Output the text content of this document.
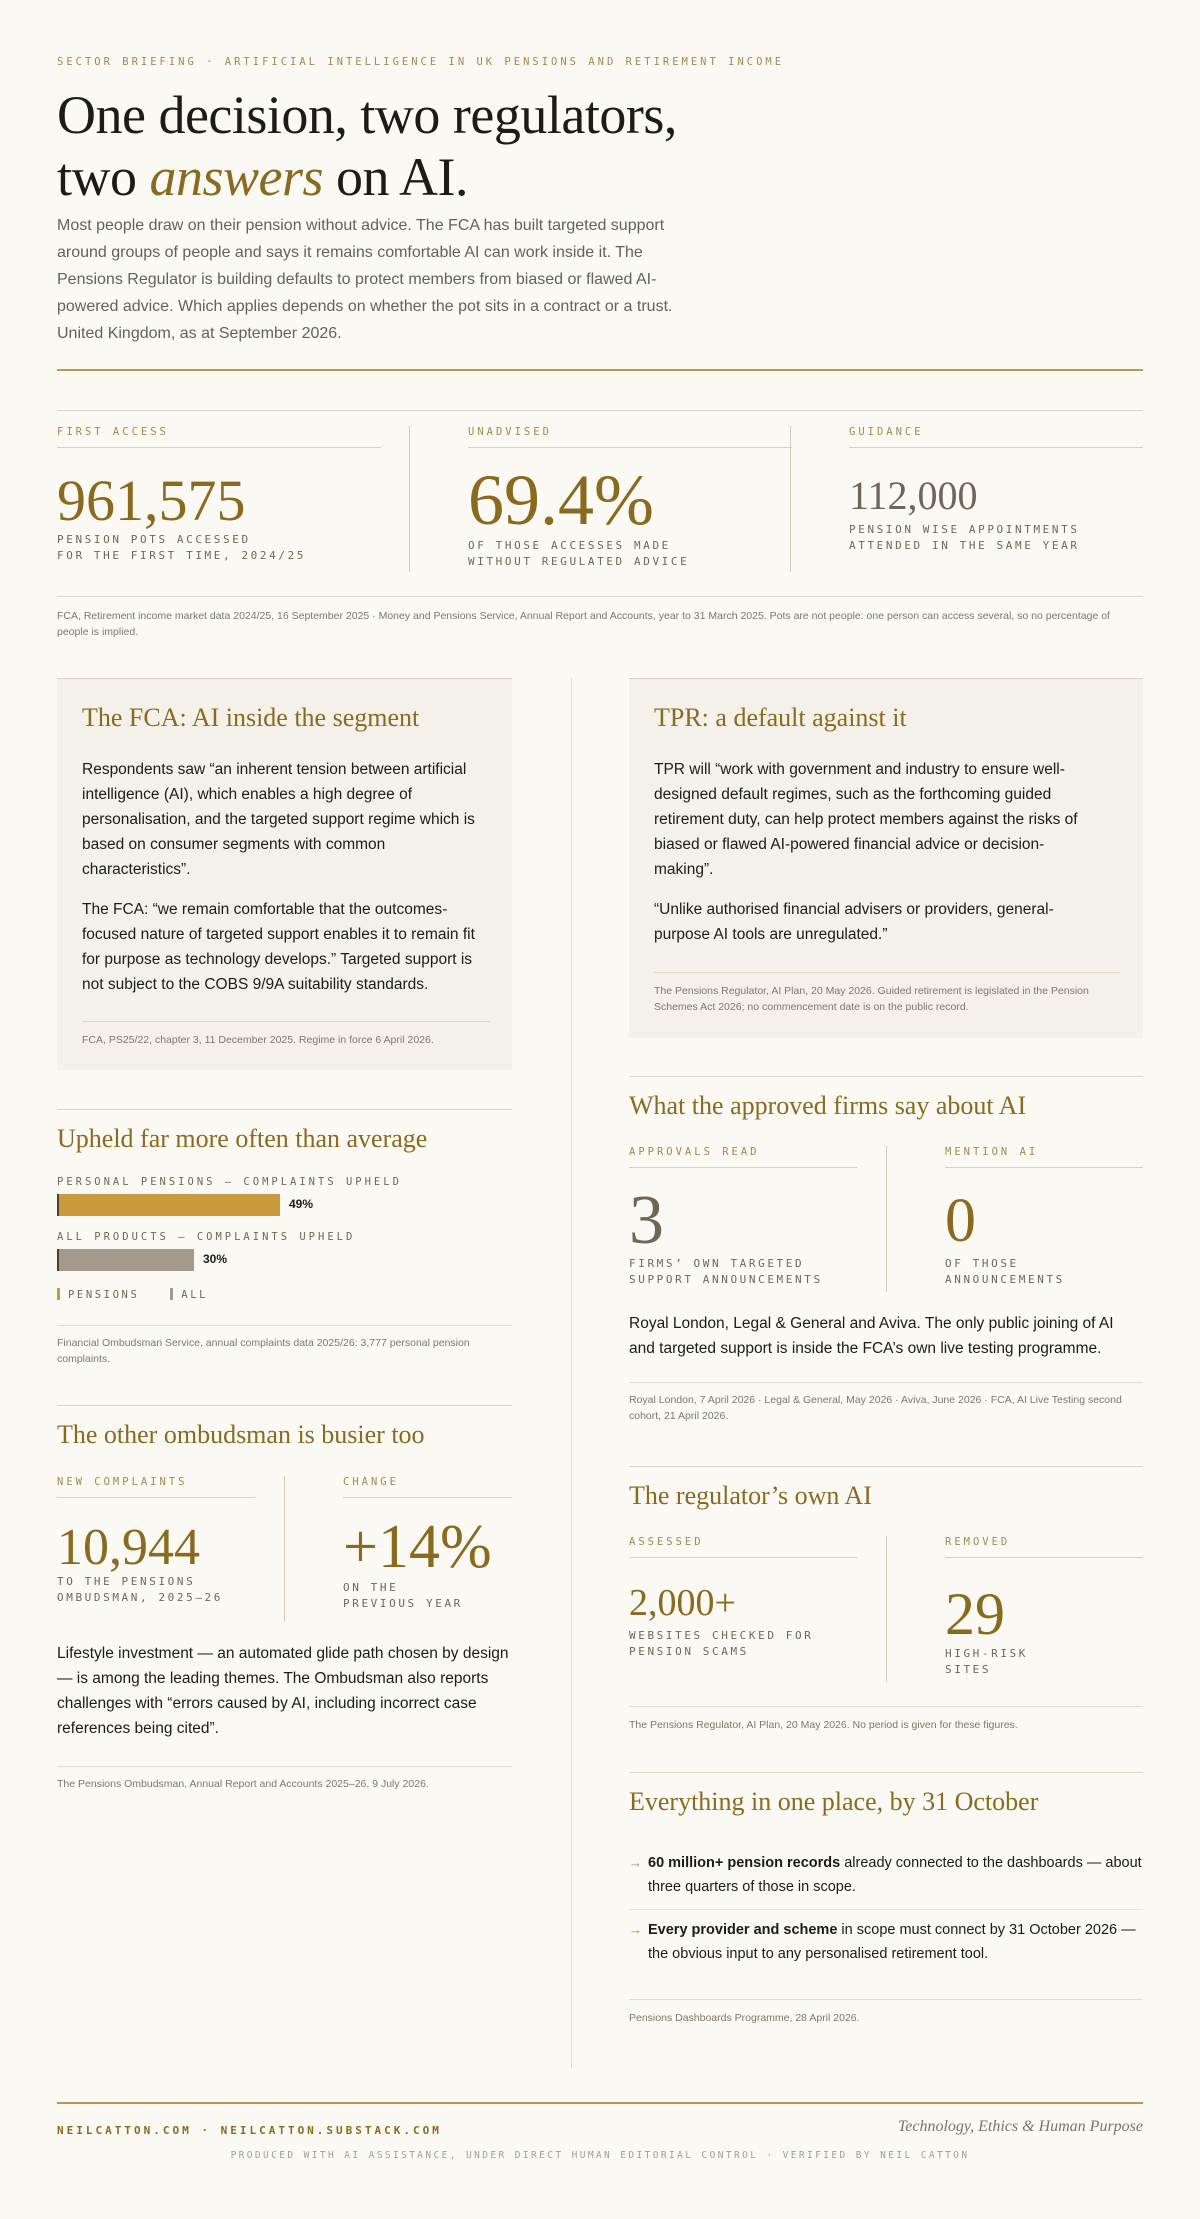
SECTOR BRIEFING · ARTIFICIAL INTELLIGENCE IN UK PENSIONS AND RETIREMENT INCOME
One decision, two regulators,
two answers on AI.

Most people draw on their pension without advice. The FCA has built targeted support around groups of people and says it remains comfortable AI can work inside it. The Pensions Regulator is building defaults to protect members from biased or flawed AI-powered advice. Which applies depends on whether the pot sits in a contract or a trust. United Kingdom, as at September 2026.

FIRST ACCESS
961,575
PENSION POTS ACCESSED
FOR THE FIRST TIME, 2024/25
UNADVISED
69.4%
OF THOSE ACCESSES MADE
WITHOUT REGULATED ADVICE
GUIDANCE
112,000
PENSION WISE APPOINTMENTS
ATTENDED IN THE SAME YEAR
FCA, Retirement income market data 2024/25, 16 September 2025 · Money and Pensions Service, Annual Report and Accounts, year to 31 March 2025. Pots are not people: one person can access several, so no percentage of people is implied.
The FCA: AI inside the segment

Respondents saw “an inherent tension between artificial intelligence (AI), which enables a high degree of personalisation, and the targeted support regime which is based on consumer segments with common characteristics”.

The FCA: “we remain comfortable that the outcomes-focused nature of targeted support enables it to remain fit for purpose as technology develops.” Targeted support is not subject to the COBS 9/9A suitability standards.

FCA, PS25/22, chapter 3, 11 December 2025. Regime in force 6 April 2026.
TPR: a default against it

TPR will “work with government and industry to ensure well-designed default regimes, such as the forthcoming guided retirement duty, can help protect members against the risks of biased or flawed AI-powered financial advice or decision-making”.

“Unlike authorised financial advisers or providers, general-purpose AI tools are unregulated.”

The Pensions Regulator, AI Plan, 20 May 2026. Guided retirement is legislated in the Pension Schemes Act 2026; no commencement date is on the public record.
Upheld far more often than average
PERSONAL PENSIONS — COMPLAINTS UPHELD
49%
ALL PRODUCTS — COMPLAINTS UPHELD
30%
PENSIONS	ALL
Financial Ombudsman Service, annual complaints data 2025/26: 3,777 personal pension complaints.
The other ombudsman is busier too
NEW COMPLAINTS
10,944
TO THE PENSIONS
OMBUDSMAN, 2025–26
CHANGE
+14%
ON THE
PREVIOUS YEAR

Lifestyle investment — an automated glide path chosen by design — is among the leading themes. The Ombudsman also reports challenges with “errors caused by AI, including incorrect case references being cited”.

The Pensions Ombudsman, Annual Report and Accounts 2025–26, 9 July 2026.
What the approved firms say about AI
APPROVALS READ
3
FIRMS’ OWN TARGETED
SUPPORT ANNOUNCEMENTS
MENTION AI
0
OF THOSE
ANNOUNCEMENTS

Royal London, Legal & General and Aviva. The only public joining of AI and targeted support is inside the FCA’s own live testing programme.

Royal London, 7 April 2026 · Legal & General, May 2026 · Aviva, June 2026 · FCA, AI Live Testing second cohort, 21 April 2026.
The regulator’s own AI
ASSESSED
2,000+
WEBSITES CHECKED FOR
PENSION SCAMS
REMOVED
29
HIGH-RISK
SITES
The Pensions Regulator, AI Plan, 20 May 2026. No period is given for these figures.
Everything in one place, by 31 October
→ 60 million+ pension records already connected to the dashboards — about three quarters of those in scope.
→ Every provider and scheme in scope must connect by 31 October 2026 — the obvious input to any personalised retirement tool.
Pensions Dashboards Programme, 28 April 2026.
NEILCATTON.COM · NEILCATTON.SUBSTACK.COM	Technology, Ethics & Human Purpose
PRODUCED WITH AI ASSISTANCE, UNDER DIRECT HUMAN EDITORIAL CONTROL · VERIFIED BY NEIL CATTON
